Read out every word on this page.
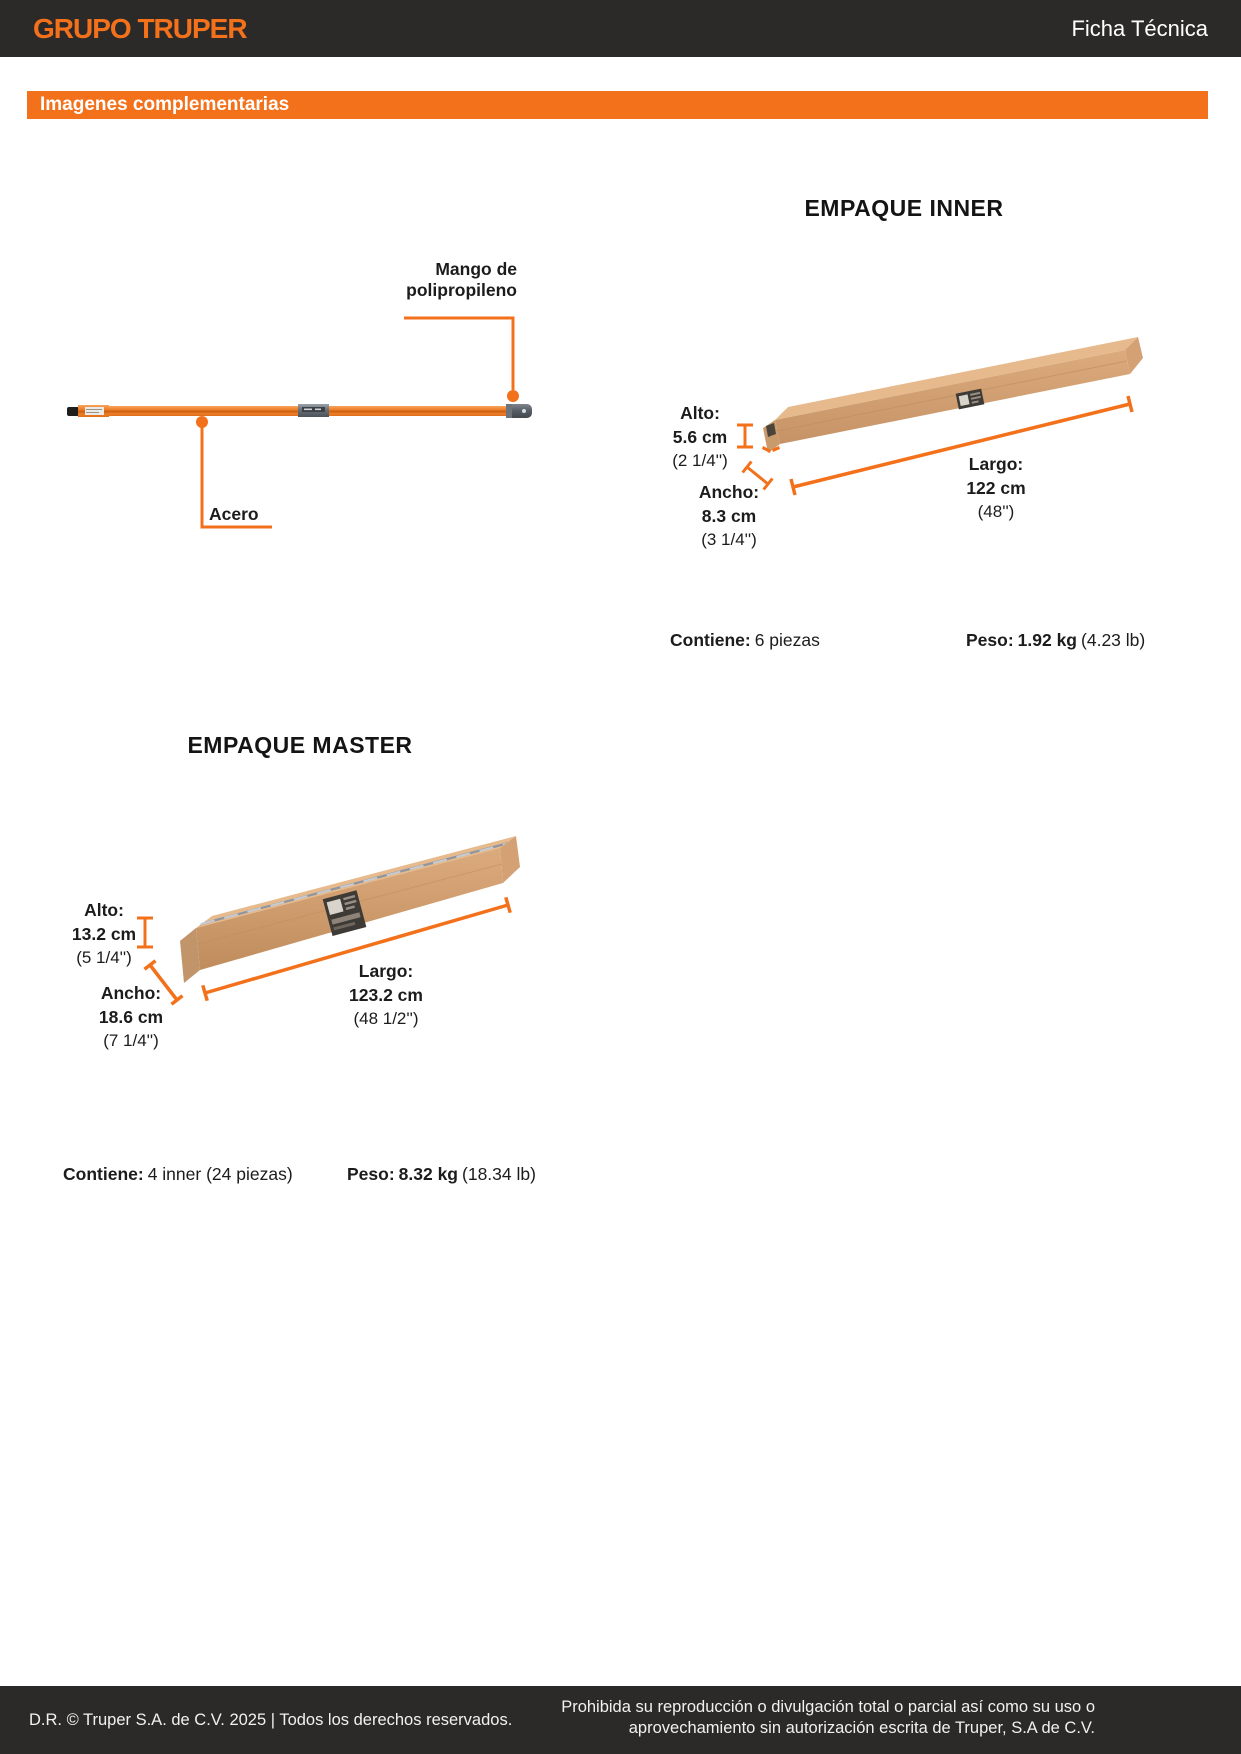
GRUPO TRUPER	Ficha Técnica
Imagenes complementarias
Mango de
polipropileno
Acero
EMPAQUE INNER
Alto:
5.6 cm
(2 1/4'')
Ancho:
8.3 cm
(3 1/4'')
Largo:
122 cm
(48'')
Contiene: 6 piezas	Peso: 1.92 kg (4.23 lb)
EMPAQUE MASTER
Alto:
13.2 cm
(5 1/4'')
Ancho:
18.6 cm
(7 1/4'')
Largo:
123.2 cm
(48 1/2'')
Contiene: 4 inner (24 piezas)	Peso: 8.32 kg (18.34 lb)
D.R. © Truper S.A. de C.V. 2025 | Todos los derechos reservados.
Prohibida su reproducción o divulgación total o parcial así como su uso o
aprovechamiento sin autorización escrita de Truper, S.A de C.V.
